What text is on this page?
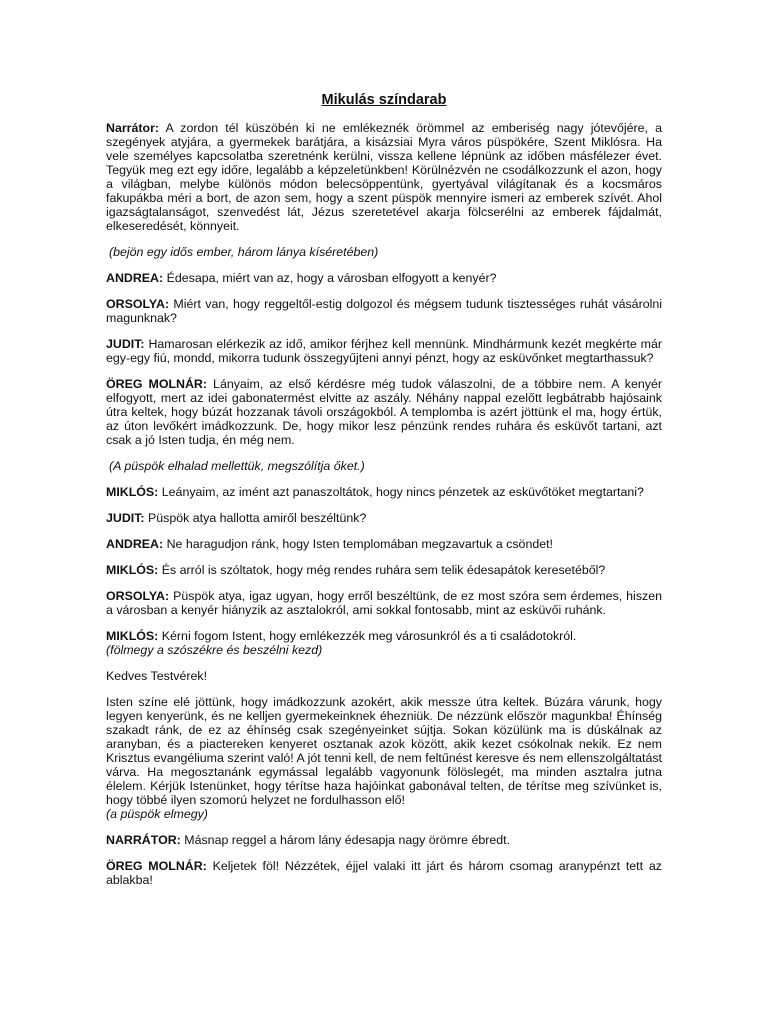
Mikulás színdarab
Narrátor: A zordon tél küszöbén ki ne emlékeznék örömmel az emberiség nagy jótevőjére, a szegények atyjára, a gyermekek barátjára, a kisázsiai Myra város püspökére, Szent Miklósra. Ha vele személyes kapcsolatba szeretnénk kerülni, vissza kellene lépnünk az időben másfélezer évet. Tegyük meg ezt egy időre, legalább a képzeletünkben! Körülnézvén ne csodálkozzunk el azon, hogy a világban, melybe különös módon belecsöppentünk, gyertyával világítanak és a kocsmáros fakupákba méri a bort, de azon sem, hogy a szent püspök mennyire ismeri az emberek szívét. Ahol igazságtalanságot, szenvedést lát, Jézus szeretetével akarja fölcserélni az emberek fájdalmát, elkeseredését, könnyeit.
(bejön egy idős ember, három lánya kíséretében)
ANDREA: Édesapa, miért van az, hogy a városban elfogyott a kenyér?
ORSOLYA: Miért van, hogy reggeltől-estig dolgozol és mégsem tudunk tisztességes ruhát vásárolni magunknak?
JUDIT: Hamarosan elérkezik az idő, amikor férjhez kell mennünk. Mindhármunk kezét megkérte már egy-egy fiú, mondd, mikorra tudunk összegyűjteni annyi pénzt, hogy az esküvőnket megtarthassuk?
ÖREG MOLNÁR: Lányaim, az első kérdésre még tudok válaszolni, de a többire nem. A kenyér elfogyott, mert az idei gabonatermést elvitte az aszály. Néhány nappal ezelőtt legbátrabb hajósaink útra keltek, hogy búzát hozzanak távoli országokból. A templomba is azért jöttünk el ma, hogy értük, az úton levőkért imádkozzunk. De, hogy mikor lesz pénzünk rendes ruhára és esküvőt tartani, azt csak a jó Isten tudja, én még nem.
(A püspök elhalad mellettük, megszólítja őket.)
MIKLÓS: Leányaim, az imént azt panaszoltátok, hogy nincs pénzetek az esküvőtöket megtartani?
JUDIT: Püspök atya hallotta amiről beszéltünk?
ANDREA: Ne haragudjon ránk, hogy Isten templomában megzavartuk a csöndet!
MIKLÓS: És arról is szóltatok, hogy még rendes ruhára sem telik édesapátok keresetéből?
ORSOLYA: Püspök atya, igaz ugyan, hogy erről beszéltünk, de ez most szóra sem érdemes, hiszen a városban a kenyér hiányzik az asztalokról, ami sokkal fontosabb, mint az esküvői ruhánk.
MIKLÓS: Kérni fogom Istent, hogy emlékezzék meg városunkról és a ti családotokról.
(fölmegy a szószékre és beszélni kezd)
Kedves Testvérek!
Isten színe elé jöttünk, hogy imádkozzunk azokért, akik messze útra keltek. Búzára várunk, hogy legyen kenyerünk, és ne kelljen gyermekeinknek éhezniük. De nézzünk először magunkba! Éhínség szakadt ránk, de ez az éhínség csak szegényeinket sújtja. Sokan közülünk ma is dúskálnak az aranyban, és a piactereken kenyeret osztanak azok között, akik kezet csókolnak nekik. Ez nem Krisztus evangéliuma szerint való! A jót tenni kell, de nem feltűnést keresve és nem ellenszolgáltatást várva. Ha megosztanánk egymással legalább vagyonunk fölöslegét, ma minden asztalra jutna élelem. Kérjük Istenünket, hogy térítse haza hajóinkat gabonával telten, de térítse meg szívünket is, hogy többé ilyen szomorú helyzet ne fordulhasson elő!
(a püspök elmegy)
NARRÁTOR: Másnap reggel a három lány édesapja nagy örömre ébredt.
ÖREG MOLNÁR: Keljetek föl! Nézzétek, éjjel valaki itt járt és három csomag aranypénzt tett az ablakba!
